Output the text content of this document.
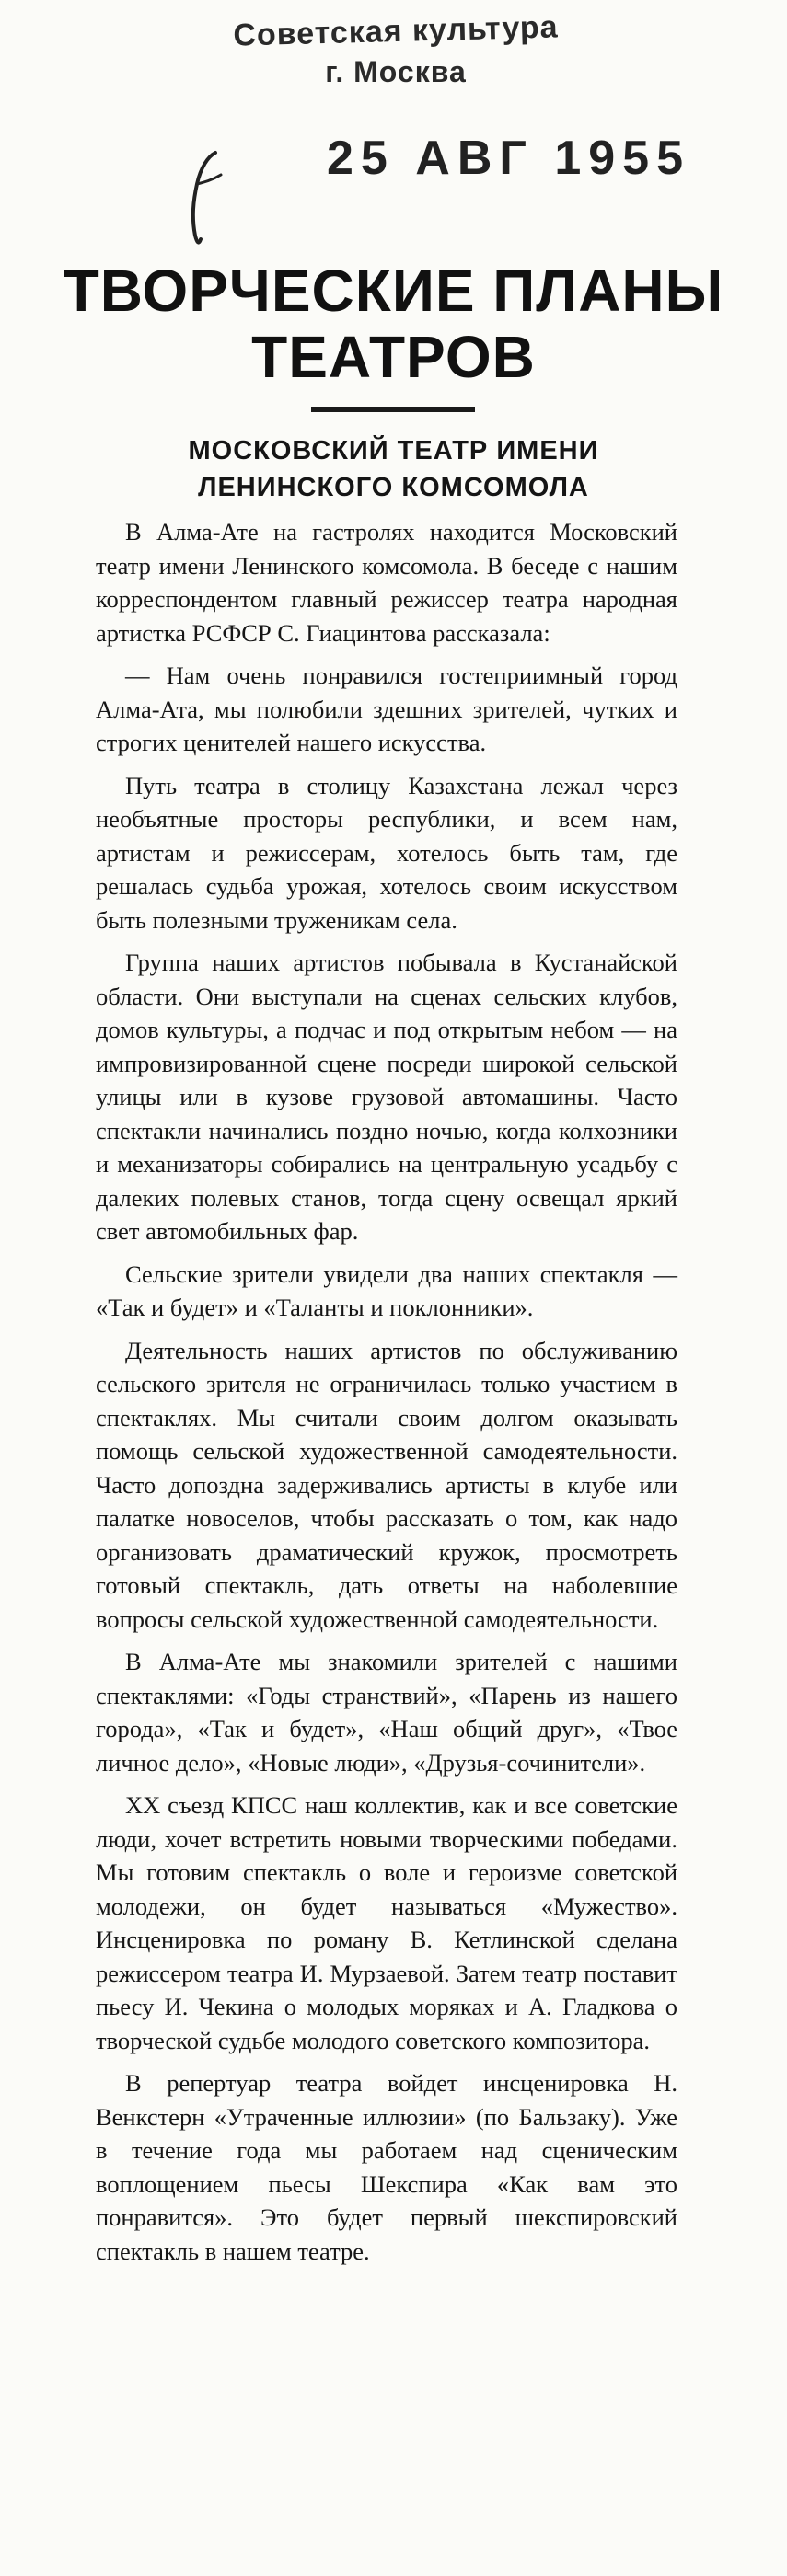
Советская культура
г. Москва
25 АВГ 1955
ТВОРЧЕСКИЕ ПЛАНЫ
ТЕАТРОВ
МОСКОВСКИЙ ТЕАТР ИМЕНИ
ЛЕНИНСКОГО КОМСОМОЛА

В Алма-Ате на гастролях находится Московский театр имени Ленинского комсомола. В беседе с нашим корреспондентом главный режиссер театра народная артистка РСФСР С. Гиацинтова рассказала:

— Нам очень понравился гостеприимный город Алма-Ата, мы полюбили здешних зрителей, чутких и строгих ценителей нашего искусства.

Путь театра в столицу Казахстана лежал через необъятные просторы республики, и всем нам, артистам и режиссерам, хотелось быть там, где решалась судьба урожая, хотелось своим искусством быть полезными труженикам села.

Группа наших артистов побывала в Кустанайской области. Они выступали на сценах сельских клубов, домов культуры, а подчас и под открытым небом — на импровизированной сцене посреди широкой сельской улицы или в кузове грузовой автомашины. Часто спектакли начинались поздно ночью, когда колхозники и механизаторы собирались на центральную усадьбу с далеких полевых станов, тогда сцену освещал яркий свет автомобильных фар.

Сельские зрители увидели два наших спектакля — «Так и будет» и «Таланты и поклонники».

Деятельность наших артистов по обслуживанию сельского зрителя не ограничилась только участием в спектаклях. Мы считали своим долгом оказывать помощь сельской художественной самодеятельности. Часто допоздна задерживались артисты в клубе или палатке новоселов, чтобы рассказать о том, как надо организовать драматический кружок, просмотреть готовый спектакль, дать ответы на наболевшие вопросы сельской художественной самодеятельности.

В Алма-Ате мы знакомили зрителей с нашими спектаклями: «Годы странствий», «Парень из нашего города», «Так и будет», «Наш общий друг», «Твое личное дело», «Новые люди», «Друзья-сочинители».

XX съезд КПСС наш коллектив, как и все советские люди, хочет встретить новыми творческими победами. Мы готовим спектакль о воле и героизме советской молодежи, он будет называться «Мужество». Инсценировка по роману В. Кетлинской сделана режиссером театра И. Мурзаевой. Затем театр поставит пьесу И. Чекина о молодых моряках и А. Гладкова о творческой судьбе молодого советского композитора.

В репертуар театра войдет инсценировка Н. Венкстерн «Утраченные иллюзии» (по Бальзаку). Уже в течение года мы работаем над сценическим воплощением пьесы Шекспира «Как вам это понравится». Это будет первый шекспировский спектакль в нашем театре.
